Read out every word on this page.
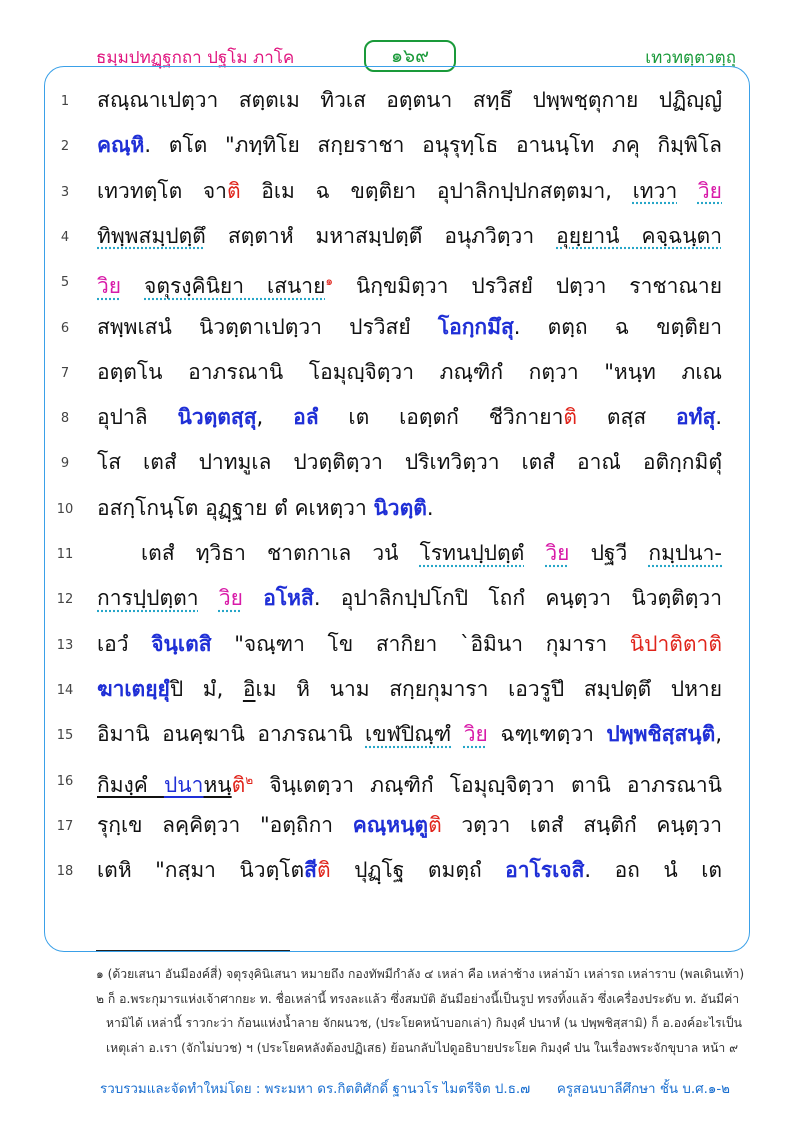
ธมฺมปทฏฺฐกถา ปฐโม ภาโค	๑๖๙	เทวทตฺตวตฺถุ
1	สณฺณาเปตฺวา สตฺตเม ทิวเส อตฺตนา สทฺธึ ปพฺพชฺตุกาย ปฏิญฺญํ
2	คณฺหิ. ตโต "ภทฺทิโย สกฺยราชา อนุรุทฺโธ อานนฺโท ภคุ กิมฺพิโล
3	เทวทตฺโต จาติ อิเม ฉ ขตฺติยา อุปาลิกปฺปกสตฺตมา, เทวา วิย
4	ทิพฺพสมฺปตฺตึ สตฺตาหํ มหาสมฺปตฺตึ อนุภวิตฺวา อุยฺยานํ คจฺฉนฺตา
5	วิย จตุรงฺคินิยา เสนาย$^๑$ นิกฺขมิตฺวา ปรวิสยํ ปตฺวา ราชาณาย
6	สพฺพเสนํ นิวตฺตาเปตฺวา ปรวิสยํ โอกฺกมึสุ. ตตฺถ ฉ ขตฺติยา
7	อตฺตโน อาภรณานิ โอมุญฺจิตฺวา ภณฺฑิกํ กตฺวา "หนฺท ภเณ
8	อุปาลิ นิวตฺตสฺสุ, อลํ เต เอตฺตกํ ชีวิกายาติ ตสฺส อทํสุ.
9	โส เตสํ ปาทมูเล ปวตฺติตฺวา ปริเทวิตฺวา เตสํ อาณํ อติกฺกมิตุํ
10	อสกฺโกนฺโต อุฏฺฐาย ตํ คเหตฺวา นิวตฺติ.
11	เตสํ ทฺวิธา ชาตกาเล วนํ โรทนปฺปตฺตํ วิย ปฐวี กมฺปนา-
12	การปฺปตฺตา วิย อโหสิ. อุปาลิกปฺปโกปิ โถกํ คนฺตฺวา นิวตฺติตฺวา
13	เอวํ จินฺเตสิ "จณฺฑา โข สากิยา `อิมินา กุมารา นิปาติตาติ
14	ฆาเตยฺยุํปิ มํ, อิเม หิ นาม สกฺยกุมารา เอวรูปึ สมฺปตฺตึ ปหาย
15	อิมานิ อนคฺฆานิ อาภรณานิ เขฬปิณฺฑํ วิย ฉฑฺเฑตฺวา ปพฺพชิสฺสนฺติ,
16	กิมงฺคํ ปนาหนฺติ$^๒$ จินฺเตตฺวา ภณฺฑิกํ โอมุญฺจิตฺวา ตานิ อาภรณานิ
17	รุกฺเข ลคฺคิตฺวา "อตฺถิกา คณฺหนฺตูติ วตฺวา เตสํ สนฺติกํ คนฺตฺวา
18	เตหิ "กสฺมา นิวตฺโตสีติ ปุฏฺโฐ ตมตฺถํ อาโรเจสิ. อถ นํ เต
๑ (ด้วยเสนา อันมีองค์สี่) จตุรงฺคินิเสนา หมายถึง กองทัพมีกำลัง ๔ เหล่า คือ เหล่าช้าง เหล่าม้า เหล่ารถ เหล่าราบ (พลเดินเท้า)
๒ ก็ อ.พระกุมารแห่งเจ้าศากยะ ท. ชื่อเหล่านี้ ทรงละแล้ว ซึ่งสมบัติ อันมีอย่างนี้เป็นรูป ทรงทิ้งแล้ว ซึ่งเครื่องประดับ ท. อันมีค่า
หามิได้ เหล่านี้ ราวกะว่า ก้อนแห่งน้ำลาย จักผนวช, (ประโยคหน้าบอกเล่า) กิมงฺคํ ปนาหํ (น ปพฺพชิสฺสามิ) ก็ อ.องค์อะไรเป็น
เหตุเล่า อ.เรา (จักไม่บวช) ฯ (ประโยคหลังต้องปฏิเสธ) ย้อนกลับไปดูอธิบายประโยค กิมงฺคํ ปน ในเรื่องพระจักขุบาล หน้า ๙
รวบรวมและจัดทำใหม่โดย : พระมหา ดร.กิตติศักดิ์ ฐานวโร ไมตรีจิต ป.ธ.๗ ครูสอนบาลีศึกษา ชั้น บ.ศ.๑-๒
